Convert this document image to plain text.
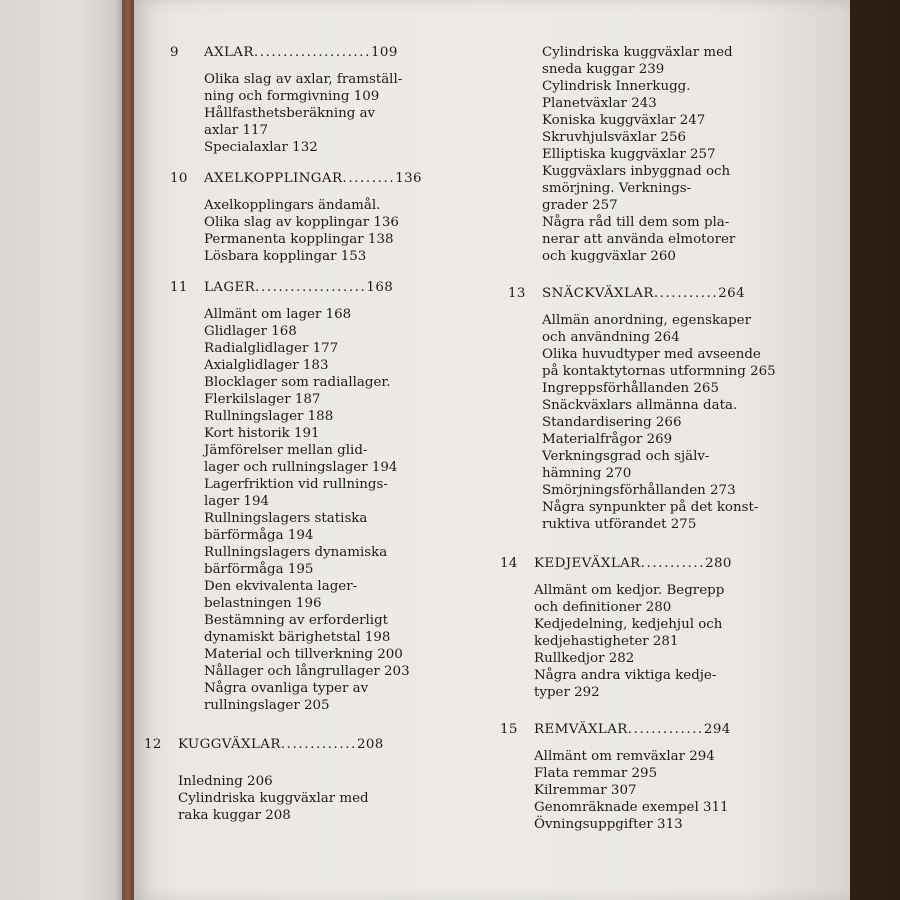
9	AXLAR .................... 109
Olika slag av axlar, framställ-
ning och formgivning 109
Hållfasthetsberäkning av
axlar 117
Specialaxlar 132
10	AXELKOPPLINGAR ......... 136
Axelkopplingars ändamål.
Olika slag av kopplingar 136
Permanenta kopplingar 138
Lösbara kopplingar 153
11	LAGER ................... 168
Allmänt om lager 168
Glidlager 168
Radialglidlager 177
Axialglidlager 183
Blocklager som radiallager.
Flerkilslager 187
Rullningslager 188
Kort historik 191
Jämförelser mellan glid-
lager och rullningslager 194
Lagerfriktion vid rullnings-
lager 194
Rullningslagers statiska
bärförmåga 194
Rullningslagers dynamiska
bärförmåga 195
Den ekvivalenta lager-
belastningen 196
Bestämning av erforderligt
dynamiskt bärighetstal 198
Material och tillverkning 200
Nållager och långrullager 203
Några ovanliga typer av
rullningslager 205
12	KUGGVÄXLAR ............. 208
Inledning 206
Cylindriska kuggväxlar med
raka kuggar 208
Cylindriska kuggväxlar med
sneda kuggar 239
Cylindrisk Innerkugg.
Planetväxlar 243
Koniska kuggväxlar 247
Skruvhjulsväxlar 256
Elliptiska kuggväxlar 257
Kuggväxlars inbyggnad och
smörjning. Verknings-
grader 257
Några råd till dem som pla-
nerar att använda elmotorer
och kuggväxlar 260
13	SNÄCKVÄXLAR ........... 264
Allmän anordning, egenskaper
och användning 264
Olika huvudtyper med avseende
på kontaktytornas utformning 265
Ingreppsförhållanden 265
Snäckväxlars allmänna data.
Standardisering 266
Materialfrågor 269
Verkningsgrad och själv-
hämning 270
Smörjningsförhållanden 273
Några synpunkter på det konst-
ruktiva utförandet 275
14	KEDJEVÄXLAR ........... 280
Allmänt om kedjor. Begrepp
och definitioner 280
Kedjedelning, kedjehjul och
kedjehastigheter 281
Rullkedjor 282
Några andra viktiga kedje-
typer 292
15	REMVÄXLAR ............. 294
Allmänt om remväxlar 294
Flata remmar 295
Kilremmar 307
Genomräknade exempel 311
Övningsuppgifter 313
